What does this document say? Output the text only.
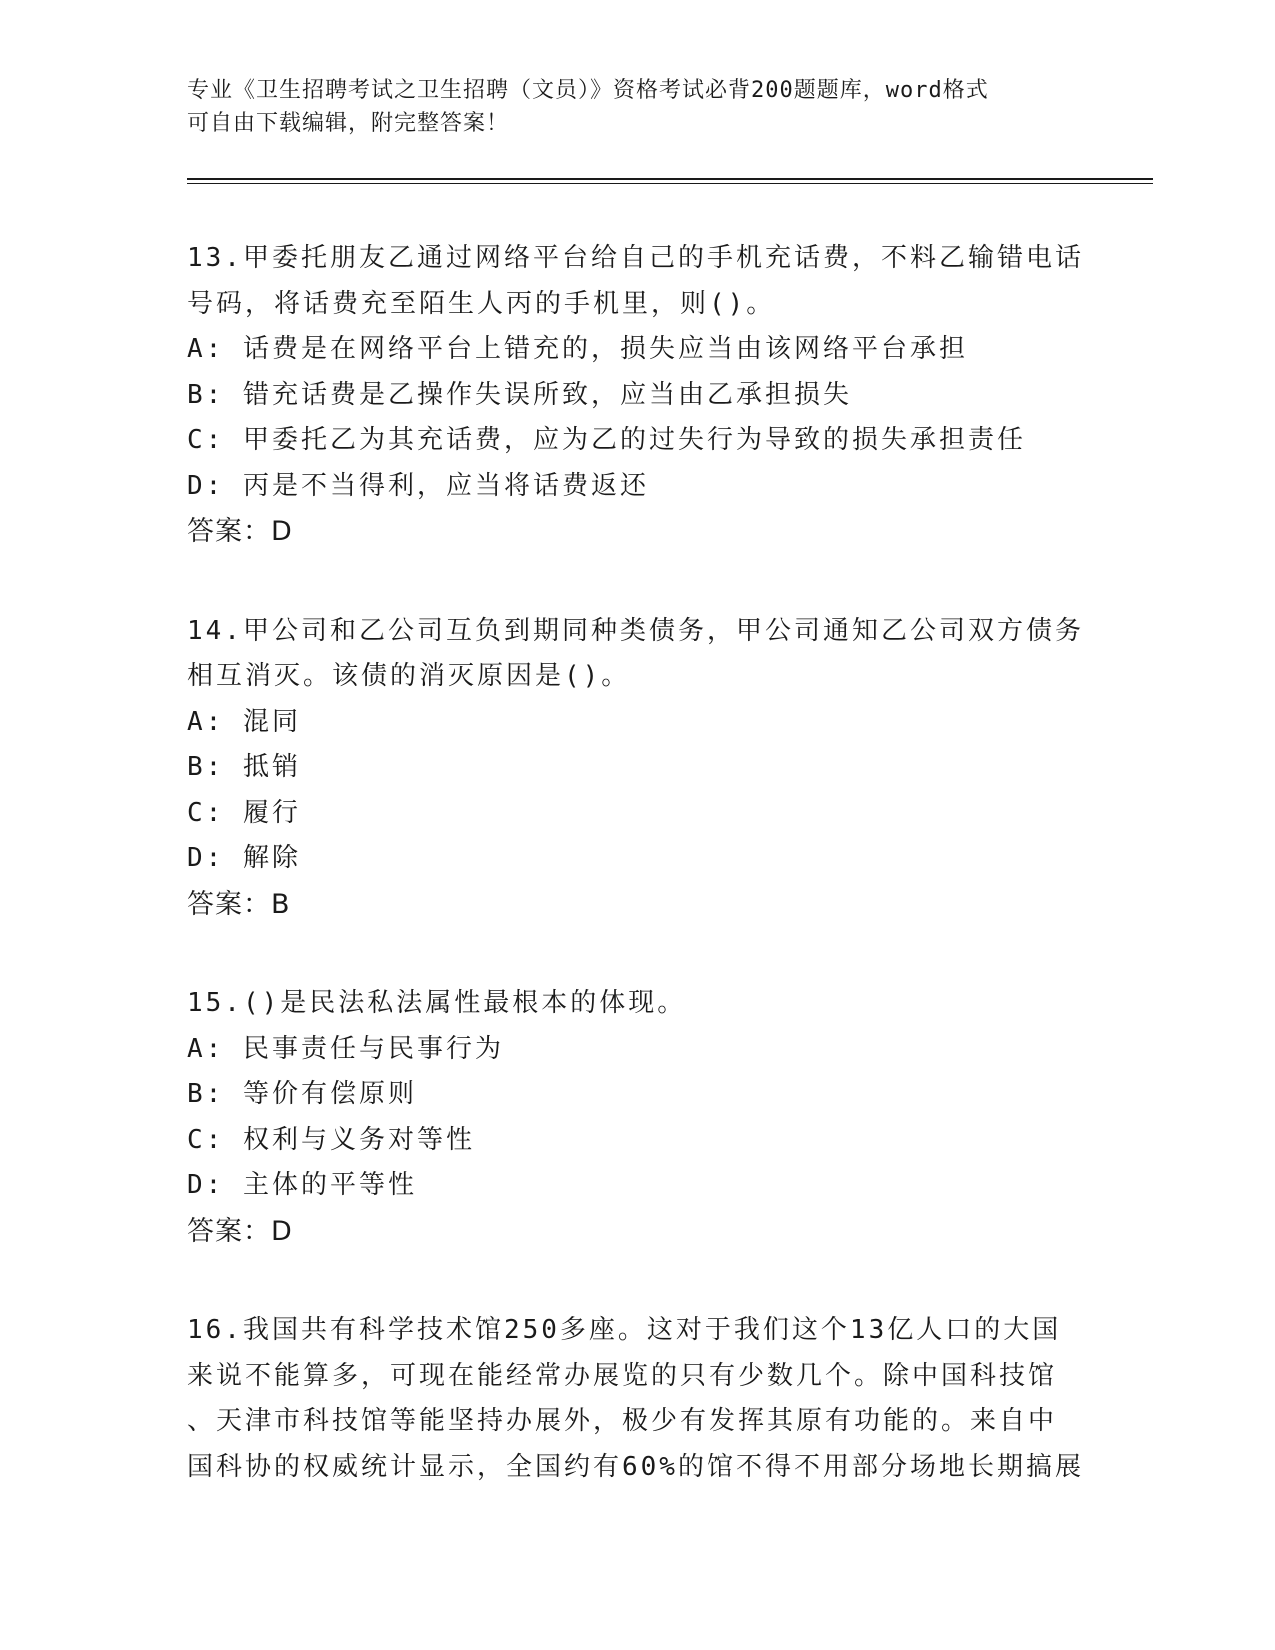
专业《卫生招聘考试之卫生招聘（文员）》资格考试必背200题题库，word格式
可自由下载编辑，附完整答案！
13.甲委托朋友乙通过网络平台给自己的手机充话费，不料乙输错电话
号码，将话费充至陌生人丙的手机里，则()。
A: 话费是在网络平台上错充的，损失应当由该网络平台承担
B: 错充话费是乙操作失误所致，应当由乙承担损失
C: 甲委托乙为其充话费，应为乙的过失行为导致的损失承担责任
D: 丙是不当得利，应当将话费返还
答案：D
14.甲公司和乙公司互负到期同种类债务，甲公司通知乙公司双方债务
相互消灭。该债的消灭原因是()。
A: 混同
B: 抵销
C: 履行
D: 解除
答案：B
15.()是民法私法属性最根本的体现。
A: 民事责任与民事行为
B: 等价有偿原则
C: 权利与义务对等性
D: 主体的平等性
答案：D
16.我国共有科学技术馆250多座。这对于我们这个13亿人口的大国
来说不能算多，可现在能经常办展览的只有少数几个。除中国科技馆
、天津市科技馆等能坚持办展外，极少有发挥其原有功能的。来自中
国科协的权威统计显示，全国约有60%的馆不得不用部分场地长期搞展
